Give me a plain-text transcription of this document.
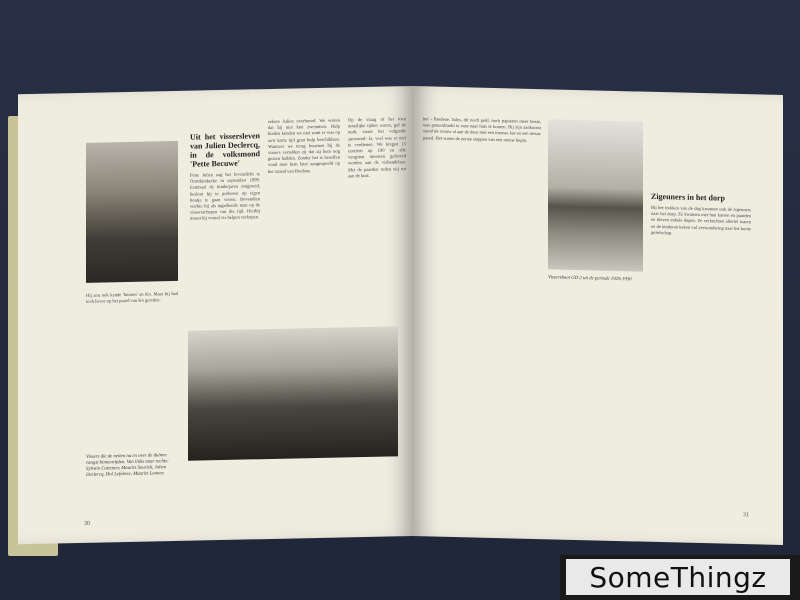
Hij zou ook kende 'bonnes' en Ko. Maar hij had toch liever op het paard van Ko gereden.

Uit het vissersleven van Julien Declercq, in de volksmond 'Pette Becuwe'

Pette Julien zag het levenslicht te Oostduinkerke in september 1899. Eenmaal de kinderjaren ontgroeid, besloot hij te proberen op eigen houtje te gaan vissen. Bovendien werkte hij als ingediende man op de vissersschepen van die tijd. Hierbij moest hij vooral vis helpen verkopen.

zekere Julien overboord. We wisten dat hij niet kon zwemmen. Hulp bieden konden we niet want er was op zo'n korte tijd geen hulp beschikbaar. Wanneer we terug kwamen bij de vissers vertelden zij dat zij hem nog gezien hadden. Zonder het te beseffen vond men hem later aangespoeld op het strand van Bredene.

Op de vraag of het toen moeilijke tijden waren, gaf de oude visser het volgende antwoord: Ja, veel was er niet te verdienen. We kregen 15 centiem op 100 en alle vangsten moesten geleverd worden aan de vishandelaar. Met de paarden reden wij tot aan de kust.

Vissers die de netten na en over de duinen vangst binnenrijden. Van links naar rechts: Sylvain Cottenier, Maurits Seurick, Julien Declercq, Hol Lefebvre, Maurits Loones.
30

her - Bredene. Jules, dit noch geld, noch papieren meer bezat, was genoodzaakt te voet naar huis te komen. Bij zijn aankomst stond de vrouw al aan de deur met een nieuwe kar en een nieuw paard. Het waren de eerste stappen van een nieuw begin.

Vissersboot GD 2 uit de periode 1929-1930
Zigeuners in het dorp

Bij het trekken van de dag kwamen ook de zigeuners naar het dorp. Ze kwamen met hun karren en paarden en bleven enkele dagen. Ze verkochten allerlei waren en de kinderen keken vol verwondering naar het bonte gezelschap.

31
SomeThingz
